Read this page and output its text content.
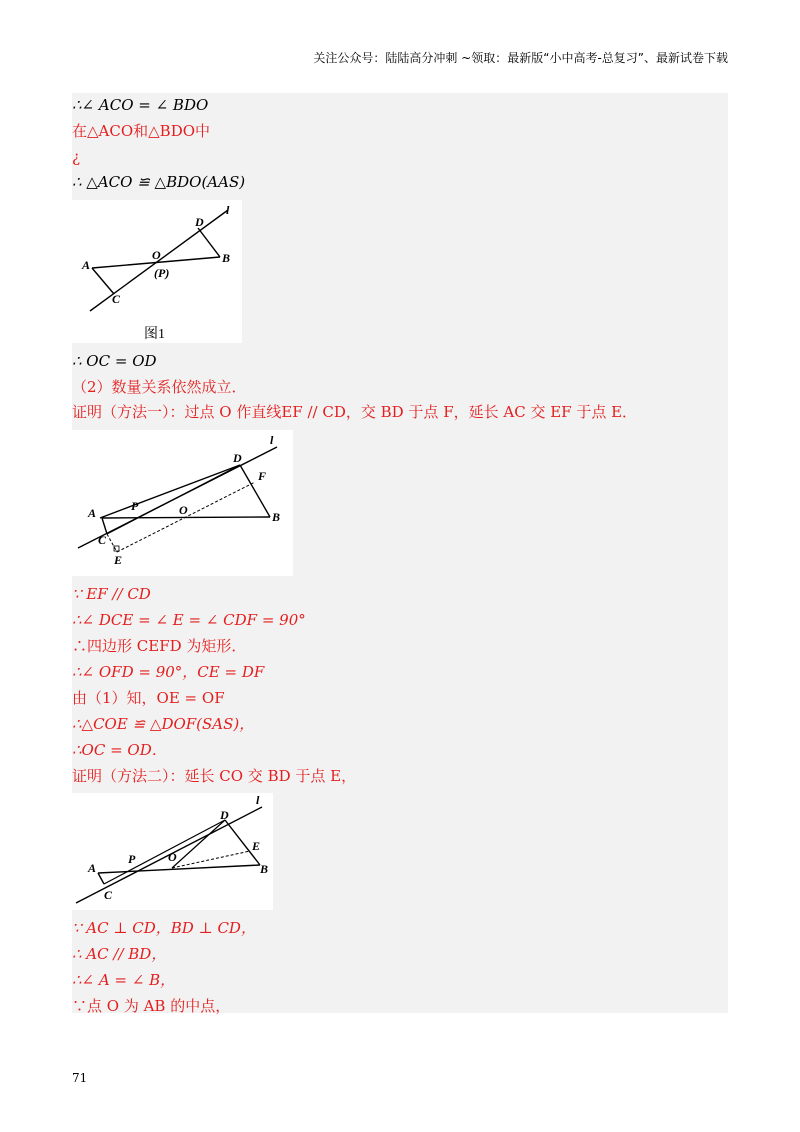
关注公众号：陆陆高分冲刺 ~领取：最新版“小中高考-总复习”、最新试卷下载
∴∠ ACO = ∠ BDO
在△ACO和△BDO中
¿
∴ △ACO ≌ △BDO(AAS)
A	B
C
D
O
(P)
l
图1
∴ OC = OD
（2）数量关系依然成立．
证明（方法一）：过点 O 作直线EF // CD，交 BD 于点 F，延长 AC 交 EF 于点 E．
A	B
C
D
E
F
O
P
l
∵ EF // CD
∴∠ DCE = ∠ E = ∠ CDF = 90°
∴四边形 CEFD 为矩形．
∴∠ OFD = 90°，CE = DF
由（1）知，OE = OF
∴△COE ≌ △DOF(SAS)，
∴OC = OD．
证明（方法二）：延长 CO 交 BD 于点 E，
A	B
C
D
E
O
P
l
∵ AC ⊥ CD，BD ⊥ CD，
∴ AC // BD，
∴∠ A = ∠ B，
∵点 O 为 AB 的中点，
71
